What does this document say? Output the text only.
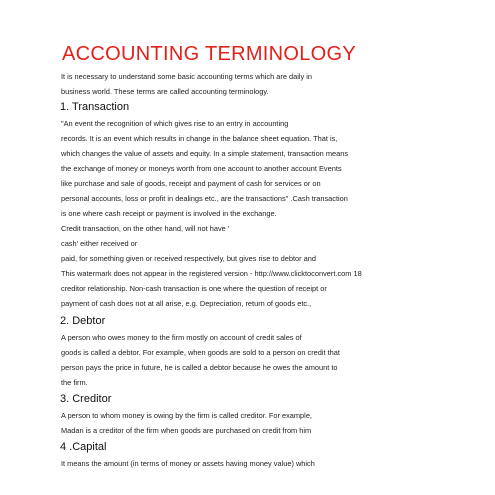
ACCOUNTING TERMINOLOGY
It is necessary to understand some basic accounting terms which are daily in
business world. These terms are called accounting terminology.
1. Transaction
"An event the recognition of which gives rise to an entry in accounting
records. It is an event which results in change in the balance sheet equation. That is,
which changes the value of assets and equity. In a simple statement, transaction means
the exchange of money or moneys worth from one account to another account Events
like purchase and sale of goods, receipt and payment of cash for services or on
personal accounts, loss or profit in dealings etc., are the transactions" .Cash transaction
is one where cash receipt or payment is involved in the exchange.
Credit transaction, on the other hand, will not have '
cash' either received or
paid, for something given or received respectively, but gives rise to debtor and
This watermark does not appear in the registered version - http://www.clicktoconvert.com 18
creditor relationship. Non-cash transaction is one where the question of receipt or
payment of cash does not at all arise, e.g. Depreciation, return of goods etc.,
2. Debtor
A person who owes money to the firm mostly on account of credit sales of
goods is called a debtor. For example, when goods are sold to a person on credit that
person pays the price in future, he is called a debtor because he owes the amount to
the firm.
3. Creditor
A person to whom money is owing by the firm is called creditor. For example,
Madan is a creditor of the firm when goods are purchased on credit from him
4 .Capital
It means the amount (in terms of money or assets having money value) which
